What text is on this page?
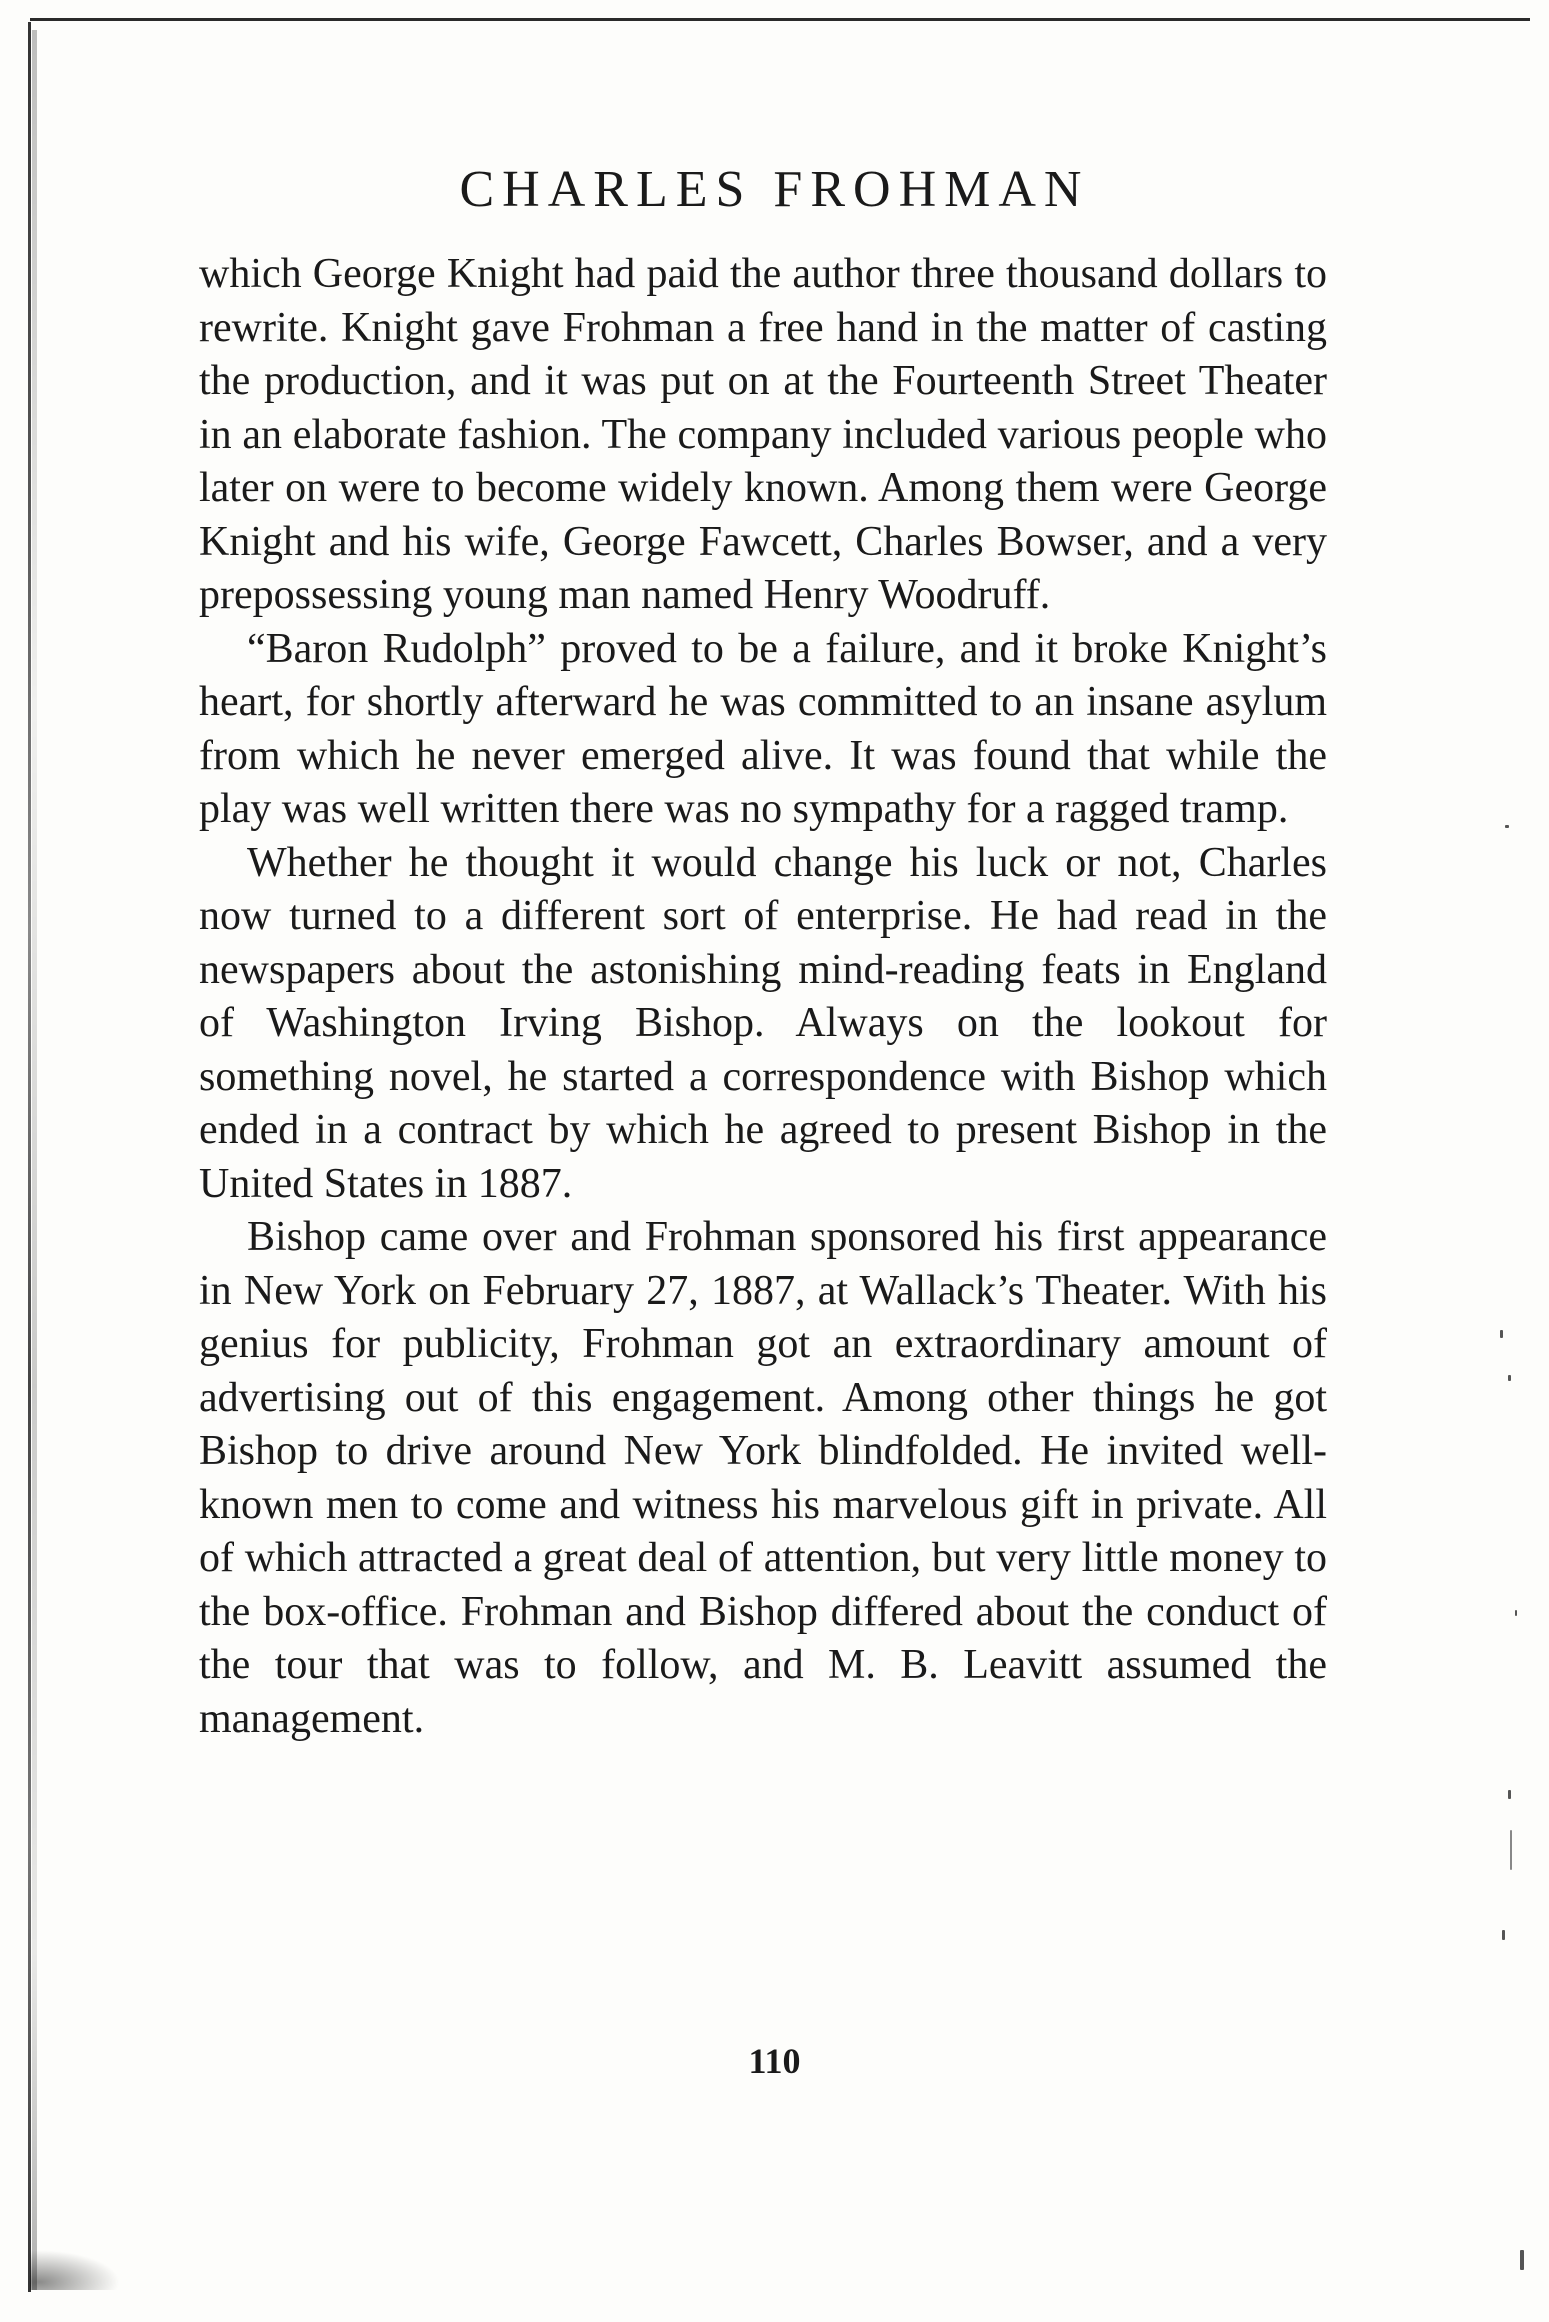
CHARLES FROHMAN

which George Knight had paid the author three thousand dollars to rewrite. Knight gave Frohman a free hand in the matter of casting the production, and it was put on at the Fourteenth Street Theater in an elaborate fashion. The company included various people who later on were to become widely known. Among them were George Knight and his wife, George Fawcett, Charles Bowser, and a very prepossessing young man named Henry Woodruff.

“Baron Rudolph” proved to be a failure, and it broke Knight’s heart, for shortly afterward he was committed to an insane asylum from which he never emerged alive. It was found that while the play was well written there was no sympathy for a ragged tramp.

Whether he thought it would change his luck or not, Charles now turned to a different sort of enterprise. He had read in the newspapers about the astonishing mind-reading feats in England of Washington Irving Bishop. Always on the lookout for something novel, he started a correspondence with Bishop which ended in a contract by which he agreed to present Bishop in the United States in 1887.

Bishop came over and Frohman sponsored his first appearance in New York on February 27, 1887, at Wallack’s Theater. With his genius for publicity, Frohman got an extraordinary amount of advertising out of this engagement. Among other things he got Bishop to drive around New York blindfolded. He invited well-known men to come and witness his marvelous gift in private. All of which attracted a great deal of attention, but very little money to the box-office. Frohman and Bishop differed about the conduct of the tour that was to follow, and M. B. Leavitt assumed the management.

110
